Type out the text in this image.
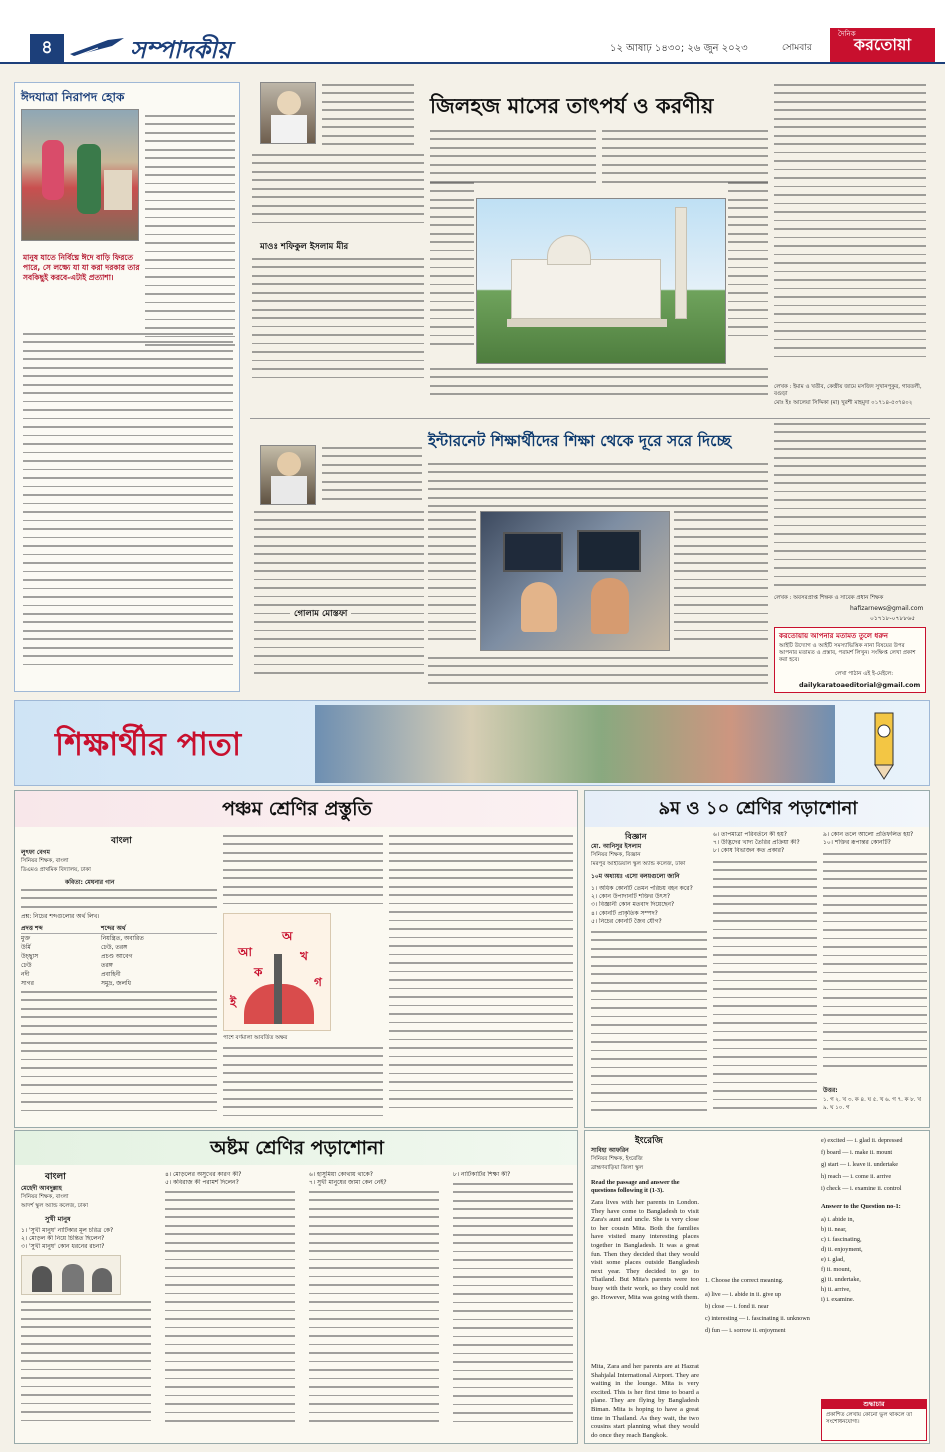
৪	সম্পাদকীয়	১২ আষাঢ় ১৪৩০; ২৬ জুন ২০২৩	সোমবার	করতোয়া
দৈনিক
ঈদযাত্রা নিরাপদ হোক
মানুষ যাতে নির্বিঘ্নে ঈদে বাড়ি ফিরতে পারে, সে লক্ষ্যে যা যা করা দরকার তার সবকিছুই করবে-এটাই প্রত্যাশা।
মাওঃ শফিকুল ইসলাম মীর
জিলহজ মাসের তাৎপর্য ও করণীয়
লেখক : ইমাম ও খতীব, কেন্দ্রীয় জামে মসজিদ সুখানপুকুর, গাবতলী, বগুড়া
মোঃ ইঃ আলেয়া সিদ্দিকা (মা) খুরশী মাহমুদা ০১৭১৪-৫৩৭৪০২
গোলাম মোস্তফা
ইন্টারনেট শিক্ষার্থীদের শিক্ষা থেকে দূরে সরে দিচ্ছে
লেখক : অবসরপ্রাপ্ত শিক্ষক ও সাবেক প্রধান শিক্ষক
hafizarnews@gmail.com
০১৭১৮-০৭৮৮৬৫
করতোয়ায় আপনার মতামত তুলে ধরুন
আইটি উদ্যোগ ও আইটি সমস্যাভিত্তিক নানা বিষয়ের উপর আপনার মতামত ও প্রস্তাব, পরামর্শ লিখুন। সংক্ষিপ্ত লেখা প্রকাশ করা হবে।
লেখা পাঠান এই ই-মেইলে:
dailykaratoaeditorial@gmail.com
শিক্ষার্থীর পাতা
পঞ্চম শ্রেণির প্রস্তুতি
বাংলা
লুৎফা বেগম
সিনিয়র শিক্ষক, বাংলা
ডিএমও প্রাথমিক বিদ্যালয়, ঢাকা
কবিতা: মেঘনার গান
প্রশ্ন: নিচের শব্দগুলোর অর্থ লিখ।
প্রদত্ত শব্দ	শব্দের অর্থ
মুক্ত	নিয়ন্ত্রিত, অবারিত
উর্মি	ঢেউ, তরঙ্গ
উচ্ছ্বাস	প্রচণ্ড আবেগ
ঢেউ	তরঙ্গ
নদী	প্রবাহিনী
সাগর	সমুদ্র, জলধি
অ
আ
ক
খ
গ
ই
পাশে বর্ণমালা আবর্তিত অক্ষর
৯ম ও ১০ শ্রেণির পড়াশোনা
বিজ্ঞান
মো. আনিসুর ইসলাম
সিনিয়র শিক্ষক, বিজ্ঞান
মিরপুর আইডিয়াল স্কুল অ্যান্ড কলেজ, ঢাকা
১০ম অধ্যায়ঃ এসো বলয়গুলো জানি
১। অধিক কোনটি তেমন পরিচয় বহন করে?
২। কোন উপাদানটি শক্তির উৎস?
৩। বিজ্ঞানী কোন মতবাদ দিয়েছেন?
৪। কোনটি প্রাকৃতিক সম্পদ?
৫। নিচের কোনটি জৈব যৌগ?
৬। তাপমাত্রা পরিবর্তনে কী হয়?
৭। উদ্ভিদের খাদ্য তৈরির প্রক্রিয়া কী?
৮। কোষ বিভাজন কত প্রকার?
৯। কোন তলে আলো প্রতিফলিত হয়?
১০। শক্তির রূপান্তর কোনটি?
উত্তর:
১. গ ২. খ ৩. ক ৪. ঘ ৫. খ ৬. গ ৭. ক ৮. খ ৯. ঘ ১০. গ
অষ্টম শ্রেণির পড়াশোনা
বাংলা
মেহেদী আবদুল্লাহ
সিনিয়র শিক্ষক, বাংলা
আদর্শ স্কুল অ্যান্ড কলেজ, ঢাকা
সুখী মানুষ
১। 'সুখী মানুষ' নাটিকার মূল চরিত্র কে?
২। মোড়ল কী নিয়ে চিন্তিত ছিলেন?
৩। 'সুখী মানুষ' কোন ধরনের রচনা?
৪। মোড়লের অসুখের কারণ কী?
৫। কবিরাজ কী পরামর্শ দিলেন?
৬। হাসুমিয়া কোথায় থাকে?
৭। সুখী মানুষের জামা কেন নেই?
৮। নাটিকাটির শিক্ষা কী?
ইংরেজি
সাবিহা আফরিন
সিনিয়র শিক্ষক, ইংরেজি
ব্রাহ্মণবাড়িয়া জিলা স্কুল
Read the passage and answer the questions following it (1-3).
Zara lives with her parents in London. They have come to Bangladesh to visit Zara's aunt and uncle. She is very close to her cousin Mita. Both the families have visited many interesting places together in Bangladesh. It was a great fun. Then they decided that they would visit some places outside Bangladesh next year. They decided to go to Thailand. But Mita's parents were too busy with their work, so they could not go. However, Mita was going with them.
Mita, Zara and her parents are at Hazrat Shahjalal International Airport. They are waiting in the lounge. Mita is very excited. This is her first time to board a plane. They are flying by Bangladesh Biman. Mita is hoping to have a great time in Thailand. As they wait, the two cousins start planning what they would do once they reach Bangkok.
1. Choose the correct meaning.
a) live — i. abide in ii. give up
b) close — i. fond ii. near
c) interesting — i. fascinating ii. unknown
d) fun — i. sorrow ii. enjoyment
e) excited — i. glad ii. depressed
f) board — i. make ii. mount
g) start — i. leave ii. undertake
h) reach — i. come ii. arrive
i) check — i. examine ii. control
Answer to the Question no-1:
a) i. abide in,
b) ii. near,
c) i. fascinating,
d) ii. enjoyment,
e) i. glad,
f) ii. mount,
g) ii. undertake,
h) ii. arrive,
i) i. examine.
শুদ্ধাচার
প্রকাশিত লেখায় কোনো ভুল থাকলে তা সংশোধনযোগ্য।
